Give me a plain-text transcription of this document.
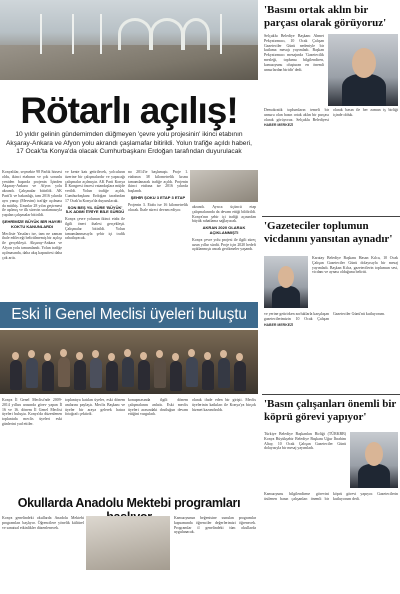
Rötarlı açılış!

10 yıldır gelinin gündemimden düğmeyen 'çevre yolu projesinin' ikinci etabının Akşaray-Ankara ve Afyon yolu akrandı çaşlamafar bitirildi. Yolun trafiğe açıldı haberi, 17 Ocak'ta Konya'da olacak Cumhurbaşkanı Erdoğan tarafından duyurulacak

Konyalılar, seçmekte 98 Parlık hissesi oldu, ikinci etabının ve çok sorunlu yeniden başında projenin İçinden Akşaray-Ankara ve Afyon yolu akrandı. Çalışmalar bitirildi. AK Parti'li ve bakanlığı, tam 2016 yılında ayrı yanıp (Mevsim) trafiğe açılması da müthiş. Uzunlar 28 yılın geçirmesi ile aşılmış ve ilk sürecin sıralamasıyla yapılan çalışmalar bitirildi.

ŞEHRİMİZE BÜYÜK BİR HAYIR! KOKTU KANUNLARDI

Mecliste Yasaları ise, tam ne zaman ihale edileceği belirtilmemiş bir açılışı ile gerçekleşti. Akşaray-Ankara ve Afyon yolu tamamlandı. Yolun trafiğe açılmasında, daha akış kapasitesi daha çok arttı.

ve kente katı getirilecek, yolcuların üzerine bir çalışmalardır ve yapacağı çalışmalar açılmıştır. AK Parti Konya İl Kongresi öncesi vatandaşlara müjde verildi. Yolun trafiğe açıldı, Cumhurbaşkanı Erdoğan tarafından 17 Ocak'ta Konya'da duyurulacak.

SON BEŞ YIL SÜRE 'BÜYÜK' İLK ADIMI İTRİYE BİLE SÜRDÜ

Konya çevre yolunun ikinci etabı ile ilgili öneri ihalesi gerçekleşti. Çalışmalar bitirildi. Yolun tamamlanmasıyla şehir içi trafik rahatlayacak.

no 2014'te başlamıştı. Proje 1. etabının 38 kilometrelik kısmı tamamlanarak trafiğe açıldı. Projenin ikinci etabına ise 2016 yılında başlandı.

ŞEHİR ŞOKU 3 ETAP 3 ETAP

Projenin 3. Etabı ise 16 kilometrelik olacak. İhale süreci devam ediyor.

akrandı. Ayrıca üçüncü etap çalışmalarında da devam ettiği bildirildi. Konya'nın şehir içi trafiği açısından büyük rahatlama sağlayacak.

AKRAN 2020 OLARAK AÇIKLANMIŞTI

Konya çevre yolu projesi ile ilgili süreç uzun yıllar sürdü. Proje için 2020 hedefi açıklanmıştı ancak gecikmeler yaşandı.

Eski İl Genel Meclisi üyeleri buluştu

Konya İl Genel Meclisi'nde 2009-2014 yılları arasında görev yapan İl 16 ve 16. dönem İl Genel Meclisi üyeleri buluştu. Konya'da düzenlenen toplantıda meclis üyeleri eski günlerini yad ettiler.

toplantıya katılan üyeler, eski dönem anılarını paylaştı. Meclis Başkanı ve üyeler bir araya gelerek hatıra fotoğrafı çektirdi.

konuşmasında ilgili dönem çalışmalarını anlattı. Eski meclis üyeleri arasındaki dostluğun devam ettiğini vurguladı.

olarak ifade eden bir girişti. Meclis üyelerinin katkıları ile Konya'ya birçok hizmet kazandırıldı.

Okullarda Anadolu Mektebi programları

Konya genelindeki okullarda Anadolu Mektebi programları başlıyor. Öğrencilere yönelik kültürel ve sanatsal etkinlikler düzenlenecek.

Kamuoyunun beğenisine sunulan programlar kapsamında öğrenciler değerlerimizi öğrenecek. Programlar il genelindeki tüm okullarda uygulanacak.

'Basını ortak aklın bir parçası olarak görüyoruz'

Selçuklu Belediye Başkanı Ahmet Pekyatırmacı, 10 Ocak Çalışan Gazeteciler Günü nedeniyle bir kutlama mesajı yayımladı. Başkan Pekyatırmacı mesajında 'Gazetecilik mesleği, toplumu bilgilendiren, kamuoyunu oluşturan en önemli unsurlardan biridir' dedi.

Demokratik toplumların temeli bir unsuru olan basın ortak aklın bir parçası olarak görüyoruz. Selçuklu Belediyesi olarak basın ile her zaman iş birliği içinde olduk.

HABER MERKEZİ

'Gazeteciler toplumun vicdanını yansıtan aynadır'

Karatay Belediye Başkanı Hasan Kılca, 10 Ocak Çalışan Gazeteciler Günü dolayısıyla bir mesaj yayımladı. Başkan Kılca, gazetecilerin toplumun sesi, vicdanı ve aynası olduğunu belirtti.

ve yerine getirirken zorluklarla karşılaşan gazetecilerimizin 10 Ocak Çalışan Gazeteciler Günü'nü kutluyorum.

HABER MERKEZİ

'Basın çalışanları önemli bir köprü görevi yapıyor'

Türkiye Belediye Başkanları Birliği (TÜRKBB) Konya Büyükşehir Belediye Başkanı Uğur İbrahim Altay, 10 Ocak Çalışan Gazeteciler Günü dolayısıyla bir mesaj yayımladı.

Kamuoyunu bilgilendirme görevini üstlenen basın çalışanları önemli bir köprü görevi yapıyor. Gazetecilerin kutluyorum dedi.
